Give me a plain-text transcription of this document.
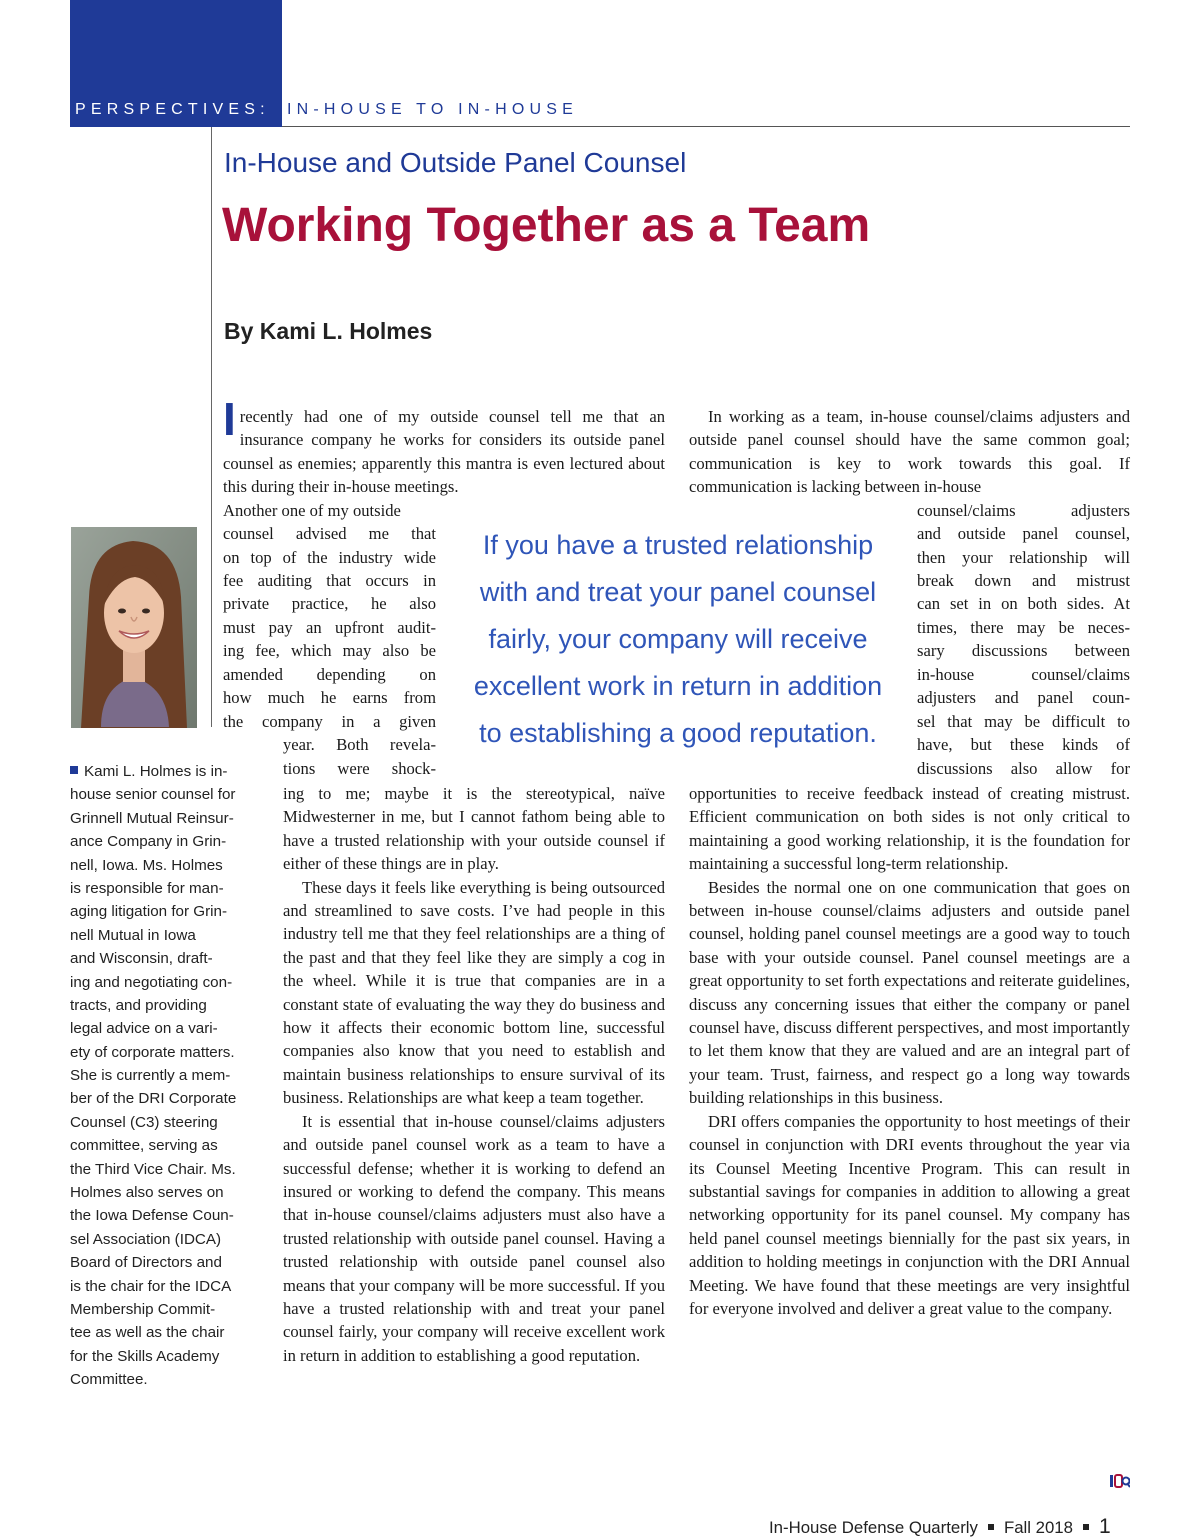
PERSPECTIVES: IN-HOUSE TO IN-HOUSE
In-House and Outside Panel Counsel
Working Together as a Team
By Kami L. Holmes
Kami L. Holmes is in-
house senior counsel for
Grinnell Mutual Reinsur-
ance Company in Grin-
nell, Iowa. Ms. Holmes
is responsible for man-
aging litigation for Grin-
nell Mutual in Iowa
and Wisconsin, draft-
ing and negotiating con-
tracts, and providing
legal advice on a vari-
ety of corporate matters.
She is currently a mem-
ber of the DRI Corporate
Counsel (C3) steering
committee, serving as
the Third Vice Chair. Ms.
Holmes also serves on
the Iowa Defense Coun-
sel Association (IDCA)
Board of Directors and
is the chair for the IDCA
Membership Commit-
tee as well as the chair
for the Skills Academy
Committee.

Irecently had one of my outside counsel tell me that an insurance company he works for considers its outside panel counsel as enemies; apparently this mantra is even lectured about this during their in-house meetings.

Another one of my outside
counsel advised me that
on top of the industry wide
fee auditing that occurs in
private practice, he also
must pay an upfront audit-
ing fee, which may also be
amended depending on
how much he earns from
the company in a given
year. Both revela-
tions were shock-

ing to me; maybe it is the stereotypical, naïve Midwesterner in me, but I cannot fathom being able to have a trusted relationship with your outside counsel if either of these things are in play.

These days it feels like everything is being outsourced and streamlined to save costs. I’ve had people in this industry tell me that they feel relationships are a thing of the past and that they feel like they are simply a cog in the wheel. While it is true that companies are in a constant state of evaluating the way they do business and how it affects their economic bottom line, successful companies also know that you need to establish and maintain business relationships to ensure survival of its business. Relationships are what keep a team together.

It is essential that in-house counsel/claims adjusters and outside panel counsel work as a team to have a successful defense; whether it is working to defend an insured or working to defend the company. This means that in-house counsel/claims adjusters must also have a trusted relationship with outside panel counsel. Having a trusted relationship with outside panel counsel also means that your company will be more successful. If you have a trusted relationship with and treat your panel counsel fairly, your company will receive excellent work in return in addition to establishing a good reputation.

In working as a team, in-house counsel/claims adjusters and outside panel counsel should have the same common goal; communication is key to work towards this goal. If communication is lacking between in-house

counsel/claims adjusters
and outside panel counsel,
then your relationship will
break down and mistrust
can set in on both sides. At
times, there may be neces-
sary discussions between
in-house counsel/claims
adjusters and panel coun-
sel that may be difficult to
have, but these kinds of
discussions also allow for

opportunities to receive feedback instead of creating mistrust. Efficient communication on both sides is not only critical to maintaining a good working relationship, it is the foundation for maintaining a successful long-term relationship.

Besides the normal one on one communication that goes on between in-house counsel/claims adjusters and outside panel counsel, holding panel counsel meetings are a good way to touch base with your outside counsel. Panel counsel meetings are a great opportunity to set forth expectations and reiterate guidelines, discuss any concerning issues that either the company or panel counsel have, discuss different perspectives, and most importantly to let them know that they are valued and are an integral part of your team. Trust, fairness, and respect go a long way towards building relationships in this business.

DRI offers companies the opportunity to host meetings of their counsel in conjunction with DRI events throughout the year via its Counsel Meeting Incentive Program. This can result in substantial savings for companies in addition to allowing a great networking opportunity for its panel counsel. My company has held panel counsel meetings biennially for the past six years, in addition to holding meetings in conjunction with the DRI Annual Meeting. We have found that these meetings are very insightful for everyone involved and deliver a great value to the company.

If you have a trusted relationship
with and treat your panel counsel
fairly, your company will receive
excellent work in return in addition
to establishing a good reputation.
In-House Defense Quarterly Fall 2018 1
